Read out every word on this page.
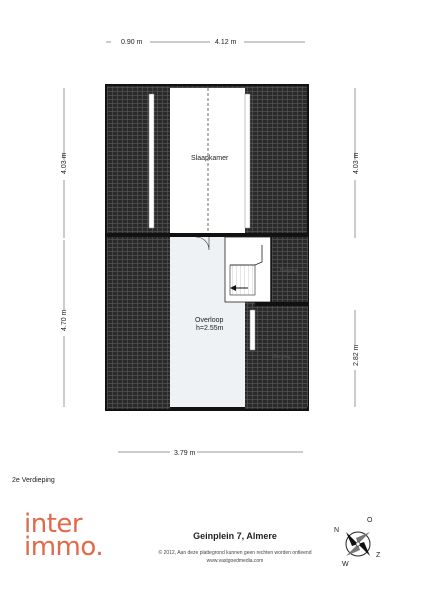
0.90 m	4.12 m
4.03 m
4.70 m
4.03 m
2.82 m
3.79 m
Slaapkamer
Overloop
h=2.55m
Berging
Berging
N
O
Z
W
2e Verdieping
inter
immo.	Geinplein 7, Almere
© 2012, Aan deze plattegrond kunnen geen rechten worden ontleend
www.vastgoedmedia.com
